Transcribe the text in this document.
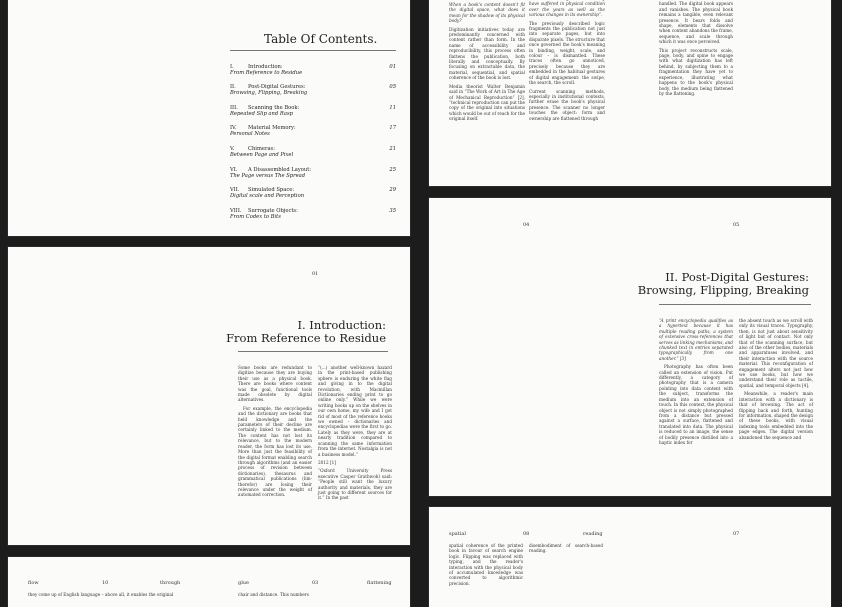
Table Of Contents.
I.	Introduction:	01

From Reference to Residue
II. Post-Digital Gestures:	05

Browsing, Flipping, Breaking
III. Scanning the Book:	11

Repeated Slip and Rasp
IV. Material Memory:	17

Personal Notes
V.	Chimeras:	21

Between Page and Pixel
VI. A Disassembled Layout:	25

The Page versus The Spread
VII. Simulated Space:	29

Digital scale and Perception
VIII. Surrogate Objects:	35

From Codex to Bits
01
I. Introduction:
From Reference to Residue

Some books are redundant to digitize because they are buying their use as a physical book. There are books where content was the goal, functional tools made obsolete by digital alternatives.

For example, the encyclopedia and the dictionary are books that held knowledge and the parameters of their decline are certainly linked to the medium. The content has not lost its relevance, but to the modern reader, the form has lost its use. More than just the feasibility of the digital format enabling search through algorithms (and an easier process of revision between dictionaries), thesaurus and grammatical publications (lim-therefor) are losing their relevance under the weight of automated correction.

“(...) another well-known hazard in the print-based publishing sphere is enduring the white flag and giving in to the digital revolution, with Macmillan Dictionaries ending print to go online only.” While we were writing books up on the shelves in our own home, my wife and I got rid of most of the reference books we owned – dictionaries and encyclopedias were the first to go. Lately as they were, they are at nearly tradition compared to scanning the same information from the internet. Nostalgia is not a business model.”

2012 [1]

“Oxford University Press executive Casper Grathwohl said: “People still want the luxury authority and materials, they are just going to different sources for it.” In the past

flow	10	through	glue	03	flattening
they come up of English language – above all, it enables the original	chair and distance. This numbers

When a book's content doesn't fit the digital space, what does it mean for the shadow of its physical body?

Digitization initiatives today are predominantly concerned with content rather than form. In the name of accessibility and reproducibility, this process often flattens the publication, both literally and conceptually. By focusing on extractable data, the material, sequential, and spatial coherence of the book is lost.

Media theorist Walter Benjamin said in “The Work of Art in The Age of Mechanical Reproduction” [2], “technical reproduction can put the copy of the original into situations which would be out of reach for the original itself.

have suffered in physical condition over the years as well as the various changes in its ownership”.

The previously described logic fragments the publication not just into separate pages, but into disparate pixels. The structure that once governed the book's meaning in binding, weight, scale, and colour – is dismantled. These traces often go unnoticed, precisely because they are embedded in the habitual gestures of digital engagement: the swipe, the search, the scroll.

Current scanning methods, especially in institutional contexts, further erase the book's physical presence. The scanner no longer touches the object: form and ownership are flattened through

handled. The digital book appears and vanishes. The physical book remains a tangible, even relevant presence. It bears folds and shape, elements that dissolve when content abandons the frame, sequence, and scale through which it was once perceived.

This project reconstructs scale, page, body, and spine to engage with what digitization has left behind, by subjecting them to a fragmentation they have yet to experience, illustrating what happens to the book's physical body, the medium being flattened by the flattening.

04	05
II. Post-Digital Gestures:
Browsing, Flipping, Breaking

“A print encyclopedia qualifies as a hypertext because it has multiple reading paths, a system of extensive cross-references that serves as linking mechanisms, and chunked text in entries separated typographically from one another.” [3]

Photography has often been called an extension of vision. Put differently, a category of photography that is a camera pointing into data content with the subject, transforms the medium into an extension of touch. In this context, the physical object is not simply photographed from a distance but pressed against a surface, flattened and translated into data. The physical is reduced to an image, the sense of bodily presence distilled into a haptic index for

the absent touch as we scroll with only its visual traces. Typography, then, is not just about sensitivity of light but of contact. Not only that of the scanning surface, but also of the other bodies, materials and apparatuses involved, and their interaction with the source material. This reconfiguration of engagement alters not just how we use books, but how we understand their role as tactile, spatial, and temporal objects [4].

Meanwhile, a reader's main interaction with a dictionary is that of browsing. The act of flipping back and forth, hunting for information, shaped the design of these books, with visual indexing tools embedded into the page edges. The digital version abandoned the sequence and

spatial	08	reading	07
spatial coherence of the printed book in favour of search engine logic. Flipping was replaced with typing, and the reader's interaction with the physical body of accumulated knowledge was converted to algorithmic precision.
disembodiment of search-based reading.
